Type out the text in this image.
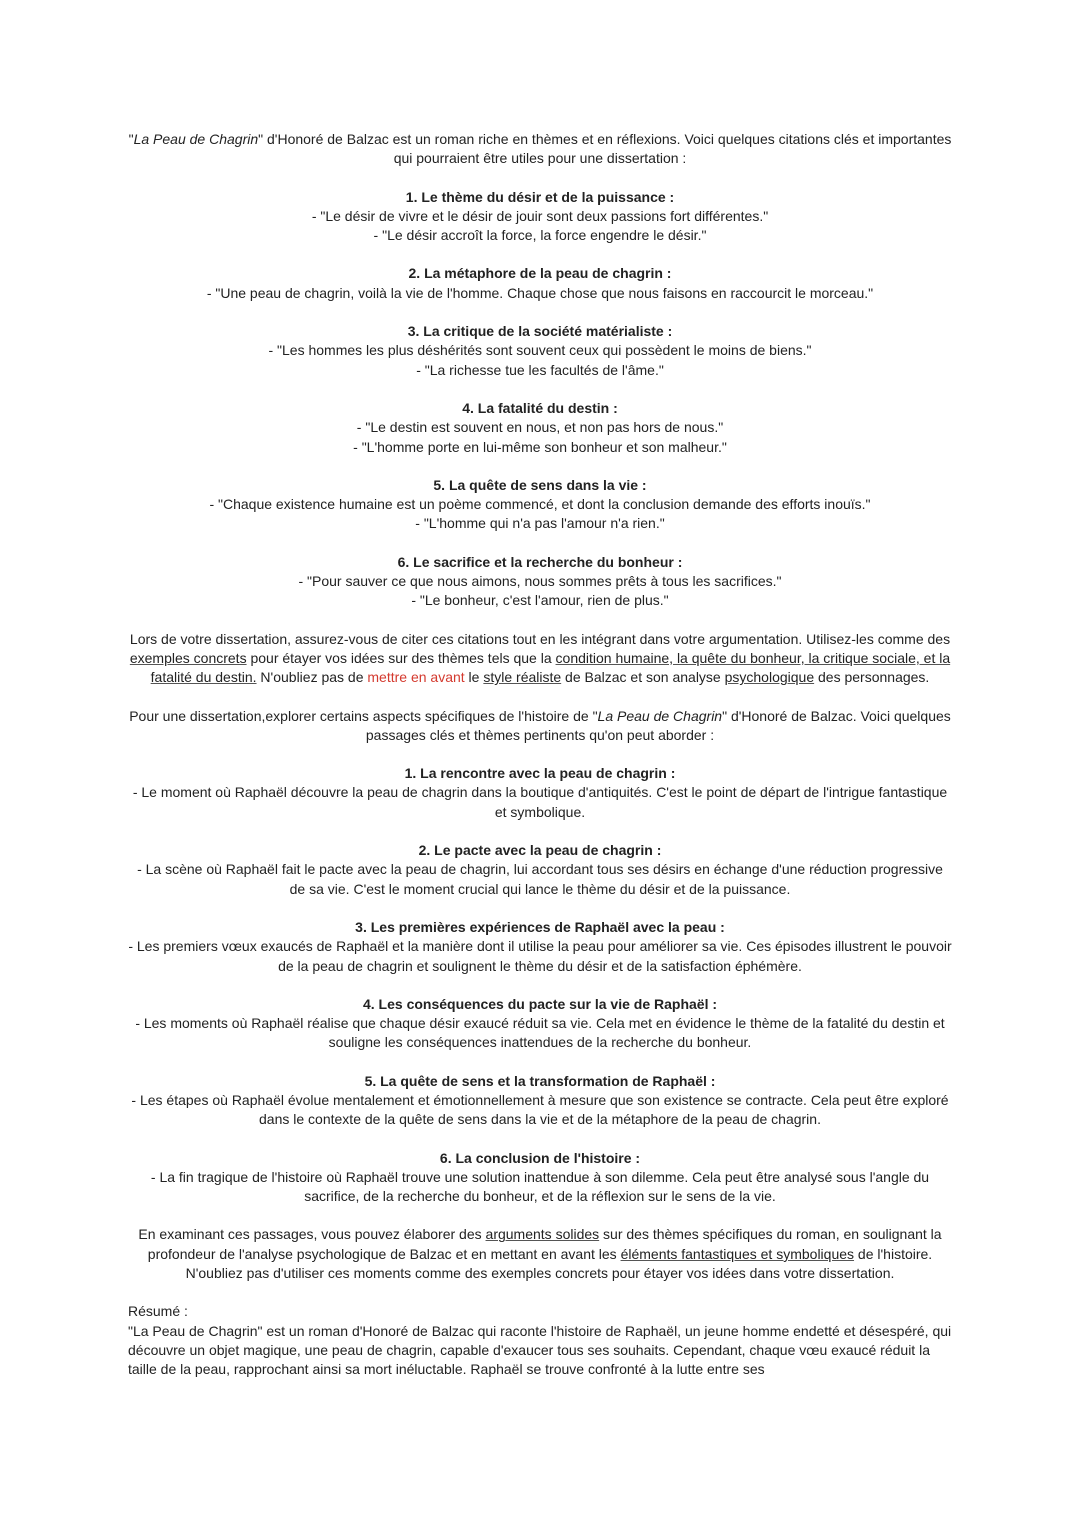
"La Peau de Chagrin" d'Honoré de Balzac est un roman riche en thèmes et en réflexions. Voici quelques citations clés et importantes qui pourraient être utiles pour une dissertation :

1. Le thème du désir et de la puissance :

- "Le désir de vivre et le désir de jouir sont deux passions fort différentes."

- "Le désir accroît la force, la force engendre le désir."

2. La métaphore de la peau de chagrin :

- "Une peau de chagrin, voilà la vie de l'homme. Chaque chose que nous faisons en raccourcit le morceau."

3. La critique de la société matérialiste :

- "Les hommes les plus déshérités sont souvent ceux qui possèdent le moins de biens."

- "La richesse tue les facultés de l'âme."

4. La fatalité du destin :

- "Le destin est souvent en nous, et non pas hors de nous."

- "L'homme porte en lui-même son bonheur et son malheur."

5. La quête de sens dans la vie :

- "Chaque existence humaine est un poème commencé, et dont la conclusion demande des efforts inouïs."

- "L'homme qui n'a pas l'amour n'a rien."

6. Le sacrifice et la recherche du bonheur :

- "Pour sauver ce que nous aimons, nous sommes prêts à tous les sacrifices."

- "Le bonheur, c'est l'amour, rien de plus."

Lors de votre dissertation, assurez-vous de citer ces citations tout en les intégrant dans votre argumentation. Utilisez-les comme des exemples concrets pour étayer vos idées sur des thèmes tels que la condition humaine, la quête du bonheur, la critique sociale, et la fatalité du destin. N'oubliez pas de mettre en avant le style réaliste de Balzac et son analyse psychologique des personnages.

Pour une dissertation,explorer certains aspects spécifiques de l'histoire de "La Peau de Chagrin" d'Honoré de Balzac. Voici quelques passages clés et thèmes pertinents qu'on peut aborder :

1. La rencontre avec la peau de chagrin :

- Le moment où Raphaël découvre la peau de chagrin dans la boutique d'antiquités. C'est le point de départ de l'intrigue fantastique et symbolique.

2. Le pacte avec la peau de chagrin :

- La scène où Raphaël fait le pacte avec la peau de chagrin, lui accordant tous ses désirs en échange d'une réduction progressive de sa vie. C'est le moment crucial qui lance le thème du désir et de la puissance.

3. Les premières expériences de Raphaël avec la peau :

- Les premiers vœux exaucés de Raphaël et la manière dont il utilise la peau pour améliorer sa vie. Ces épisodes illustrent le pouvoir de la peau de chagrin et soulignent le thème du désir et de la satisfaction éphémère.

4. Les conséquences du pacte sur la vie de Raphaël :

- Les moments où Raphaël réalise que chaque désir exaucé réduit sa vie. Cela met en évidence le thème de la fatalité du destin et souligne les conséquences inattendues de la recherche du bonheur.

5. La quête de sens et la transformation de Raphaël :

- Les étapes où Raphaël évolue mentalement et émotionnellement à mesure que son existence se contracte. Cela peut être exploré dans le contexte de la quête de sens dans la vie et de la métaphore de la peau de chagrin.

6. La conclusion de l'histoire :

- La fin tragique de l'histoire où Raphaël trouve une solution inattendue à son dilemme. Cela peut être analysé sous l'angle du sacrifice, de la recherche du bonheur, et de la réflexion sur le sens de la vie.

En examinant ces passages, vous pouvez élaborer des arguments solides sur des thèmes spécifiques du roman, en soulignant la profondeur de l'analyse psychologique de Balzac et en mettant en avant les éléments fantastiques et symboliques de l'histoire. N'oubliez pas d'utiliser ces moments comme des exemples concrets pour étayer vos idées dans votre dissertation.

Résumé :

"La Peau de Chagrin" est un roman d'Honoré de Balzac qui raconte l'histoire de Raphaël, un jeune homme endetté et désespéré, qui découvre un objet magique, une peau de chagrin, capable d'exaucer tous ses souhaits. Cependant, chaque vœu exaucé réduit la taille de la peau, rapprochant ainsi sa mort inéluctable. Raphaël se trouve confronté à la lutte entre ses
